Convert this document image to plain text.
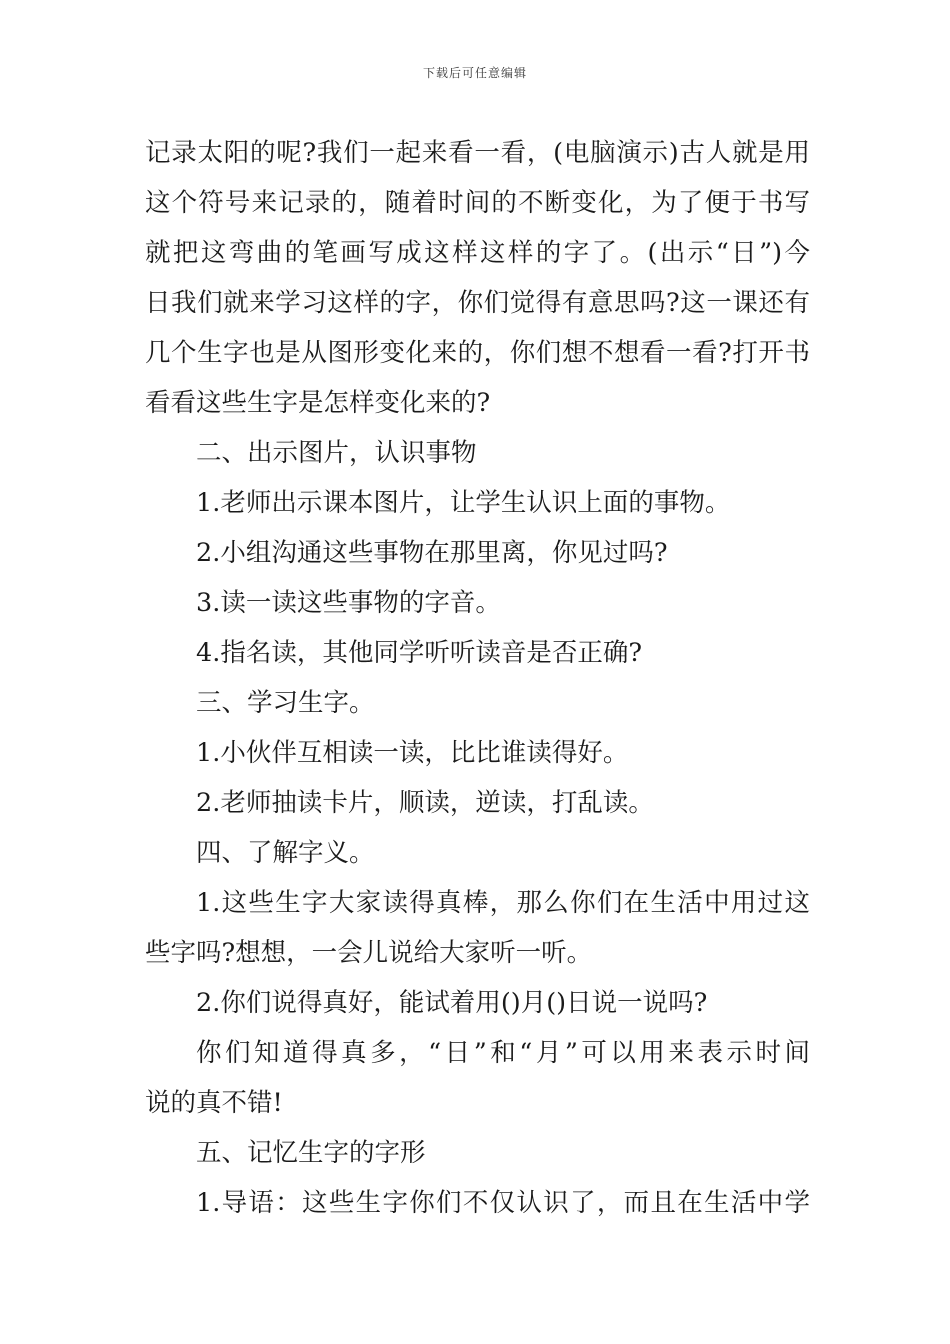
下载后可任意编辑
记录太阳的呢?我们一起来看一看，(电脑演示)古人就是用
这个符号来记录的，随着时间的不断变化，为了便于书写
就把这弯曲的笔画写成这样这样的字了。(出示“日”)今
日我们就来学习这样的字，你们觉得有意思吗?这一课还有
几个生字也是从图形变化来的，你们想不想看一看?打开书
看看这些生字是怎样变化来的?
二、出示图片，认识事物
1.老师出示课本图片，让学生认识上面的事物。
2.小组沟通这些事物在那里离，你见过吗?
3.读一读这些事物的字音。
4.指名读，其他同学听听读音是否正确?
三、学习生字。
1.小伙伴互相读一读，比比谁读得好。
2.老师抽读卡片，顺读，逆读，打乱读。
四、了解字义。
1.这些生字大家读得真棒，那么你们在生活中用过这
些字吗?想想，一会儿说给大家听一听。
2.你们说得真好，能试着用()月()日说一说吗?
你们知道得真多，“日”和“月”可以用来表示时间
说的真不错!
五、记忆生字的字形
1.导语：这些生字你们不仅认识了，而且在生活中学
